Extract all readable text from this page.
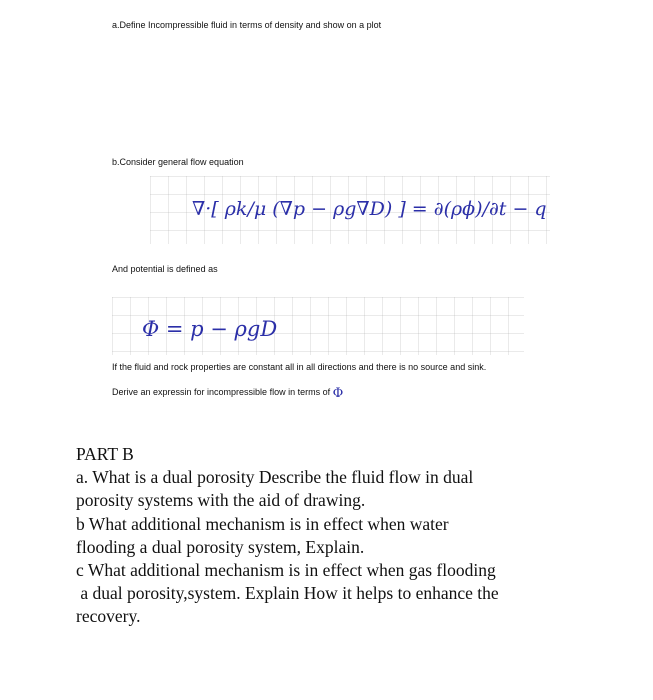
a.Define Incompressible fluid in terms of density and show on a plot
b.Consider general flow equation
∇·[ ρk/μ (∇p − ρg∇D) ] = ∂(ρϕ)/∂t − q
And potential is defined as
Φ = p − ρgD
If the fluid and rock properties are constant all in all directions and there is no source and sink.
Derive an expressin for incompressible flow in terms of Φ
PART B
a. What is a dual porosity Describe the fluid flow in dual
porosity systems with the aid of drawing.
b What additional mechanism is in effect when water
flooding a dual porosity system, Explain.
c What additional mechanism is in effect when gas flooding
a dual porosity,system. Explain How it helps to enhance the
recovery.
